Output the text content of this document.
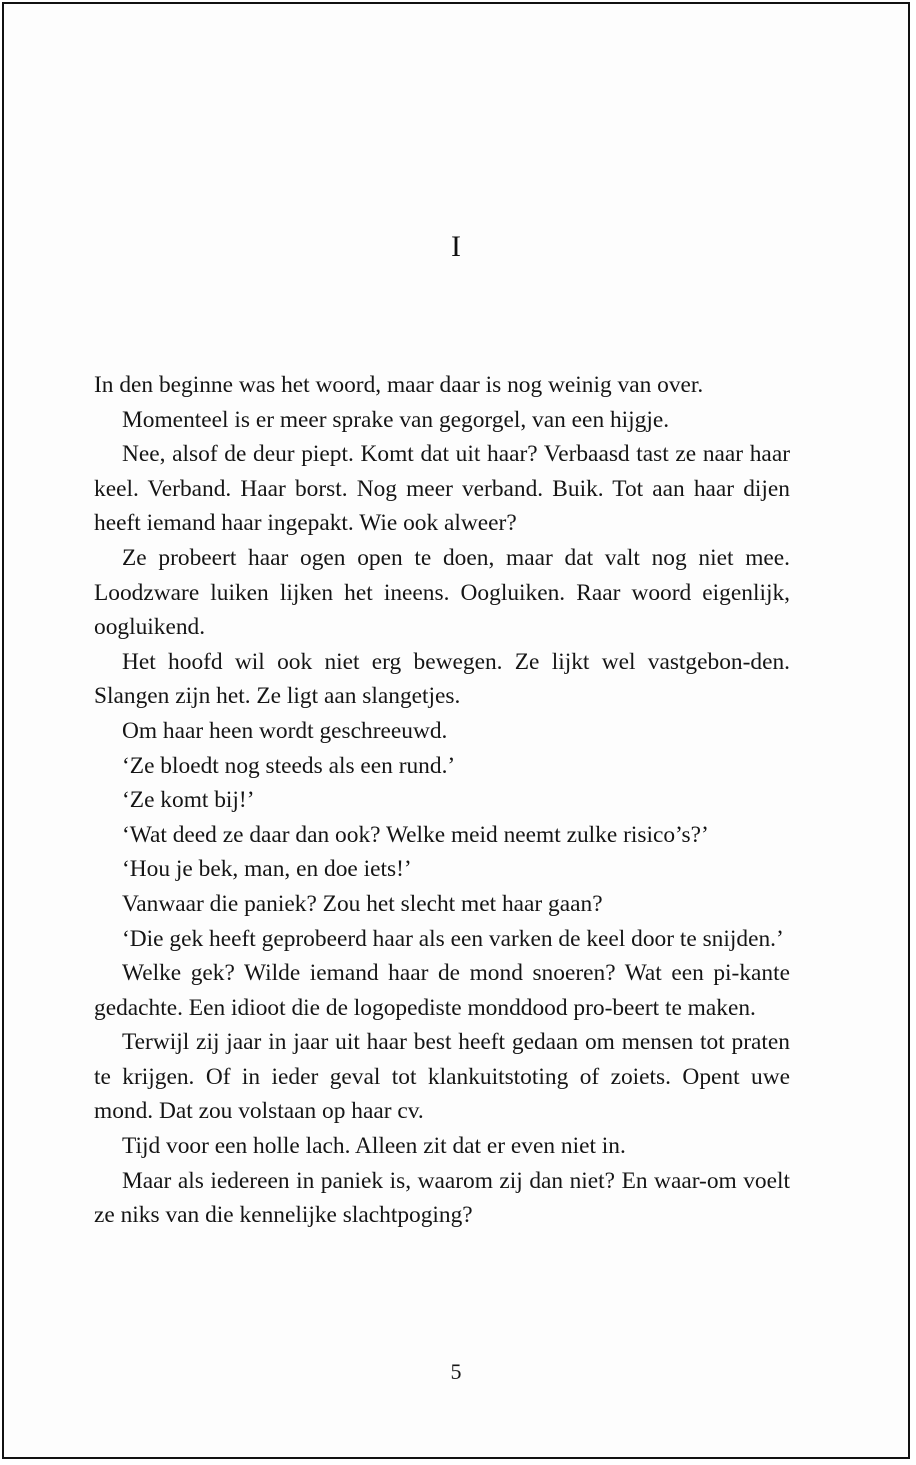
I

In den beginne was het woord, maar daar is nog weinig van over.

Momenteel is er meer sprake van gegorgel, van een hijgje.

Nee, alsof de deur piept. Komt dat uit haar? Verbaasd tast ze naar haar keel. Verband. Haar borst. Nog meer verband. Buik. Tot aan haar dijen heeft iemand haar ingepakt. Wie ook alweer?

Ze probeert haar ogen open te doen, maar dat valt nog niet mee. Loodzware luiken lijken het ineens. Oogluiken. Raar woord eigenlijk, oogluikend.

Het hoofd wil ook niet erg bewegen. Ze lijkt wel vastgebon-den. Slangen zijn het. Ze ligt aan slangetjes.

Om haar heen wordt geschreeuwd.

‘Ze bloedt nog steeds als een rund.’

‘Ze komt bij!’

‘Wat deed ze daar dan ook? Welke meid neemt zulke risico’s?’

‘Hou je bek, man, en doe iets!’

Vanwaar die paniek? Zou het slecht met haar gaan?

‘Die gek heeft geprobeerd haar als een varken de keel door te snijden.’

Welke gek? Wilde iemand haar de mond snoeren? Wat een pi-kante gedachte. Een idioot die de logopediste monddood pro-beert te maken.

Terwijl zij jaar in jaar uit haar best heeft gedaan om mensen tot praten te krijgen. Of in ieder geval tot klankuitstoting of zoiets. Opent uwe mond. Dat zou volstaan op haar cv.

Tijd voor een holle lach. Alleen zit dat er even niet in.

Maar als iedereen in paniek is, waarom zij dan niet? En waar-om voelt ze niks van die kennelijke slachtpoging?

5
